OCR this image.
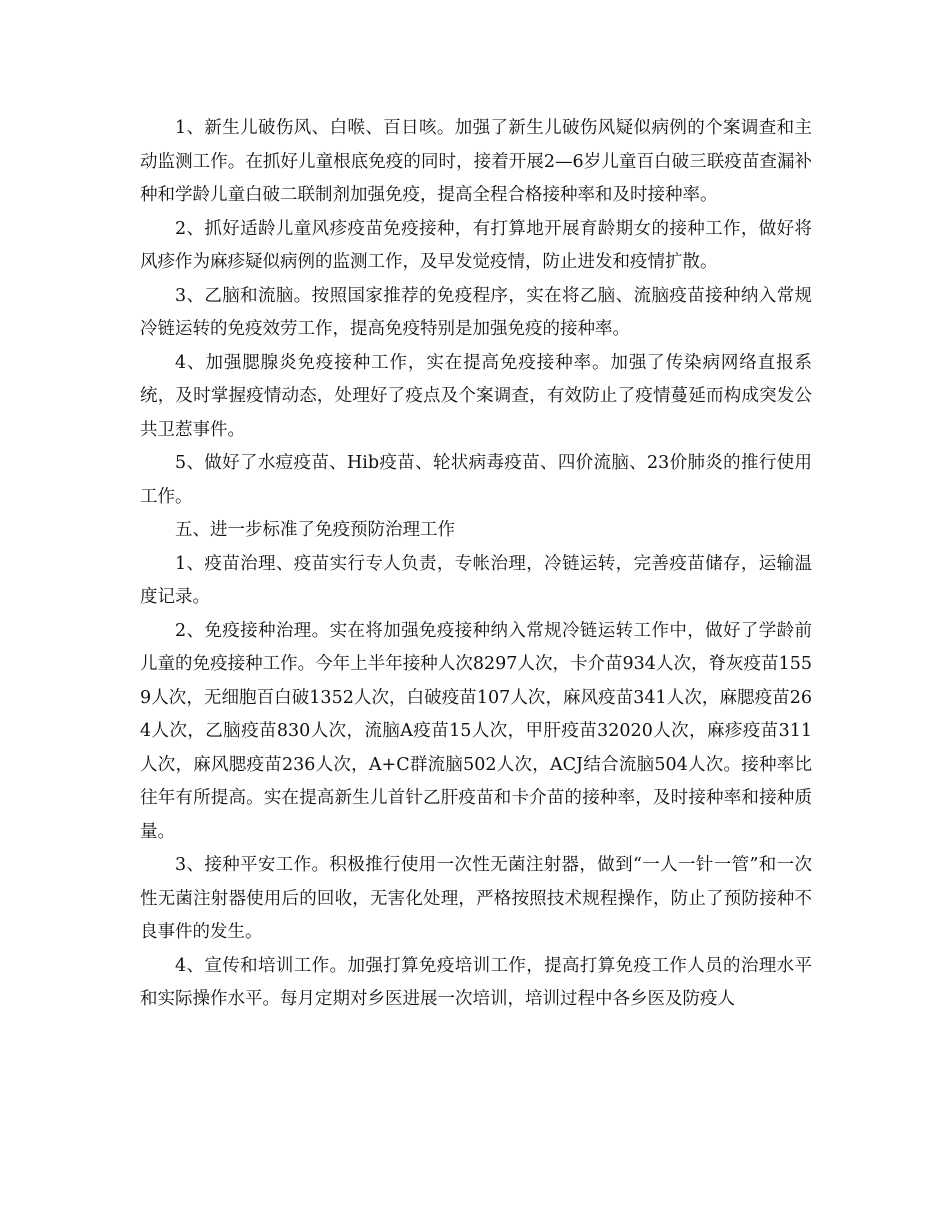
1、新生儿破伤风、白喉、百日咳。加强了新生儿破伤风疑似病例的个案调查和主动监测工作。在抓好儿童根底免疫的同时，接着开展2—6岁儿童百白破三联疫苗查漏补种和学龄儿童白破二联制剂加强免疫，提高全程合格接种率和及时接种率。

2、抓好适龄儿童风疹疫苗免疫接种，有打算地开展育龄期女的接种工作，做好将风疹作为麻疹疑似病例的监测工作，及早发觉疫情，防止进发和疫情扩散。

3、乙脑和流脑。按照国家推荐的免疫程序，实在将乙脑、流脑疫苗接种纳入常规冷链运转的免疫效劳工作，提高免疫特别是加强免疫的接种率。

4、加强腮腺炎免疫接种工作，实在提高免疫接种率。加强了传染病网络直报系统，及时掌握疫情动态，处理好了疫点及个案调查，有效防止了疫情蔓延而构成突发公共卫惹事件。

5、做好了水痘疫苗、Hib疫苗、轮状病毒疫苗、四价流脑、23价肺炎的推行使用工作。

五、进一步标准了免疫预防治理工作

1、疫苗治理、疫苗实行专人负责，专帐治理，冷链运转，完善疫苗储存，运输温度记录。

2、免疫接种治理。实在将加强免疫接种纳入常规冷链运转工作中，做好了学龄前儿童的免疫接种工作。今年上半年接种人次8297人次，卡介苗934人次，脊灰疫苗1559人次，无细胞百白破1352人次，白破疫苗107人次，麻风疫苗341人次，麻腮疫苗264人次，乙脑疫苗830人次，流脑A疫苗15人次，甲肝疫苗32020人次，麻疹疫苗311人次，麻风腮疫苗236人次，A+C群流脑502人次，ACJ结合流脑504人次。接种率比往年有所提高。实在提高新生儿首针乙肝疫苗和卡介苗的接种率，及时接种率和接种质量。

3、接种平安工作。积极推行使用一次性无菌注射器，做到“一人一针一管”和一次性无菌注射器使用后的回收，无害化处理，严格按照技术规程操作，防止了预防接种不良事件的发生。

4、宣传和培训工作。加强打算免疫培训工作，提高打算免疫工作人员的治理水平和实际操作水平。每月定期对乡医进展一次培训，培训过程中各乡医及防疫人
